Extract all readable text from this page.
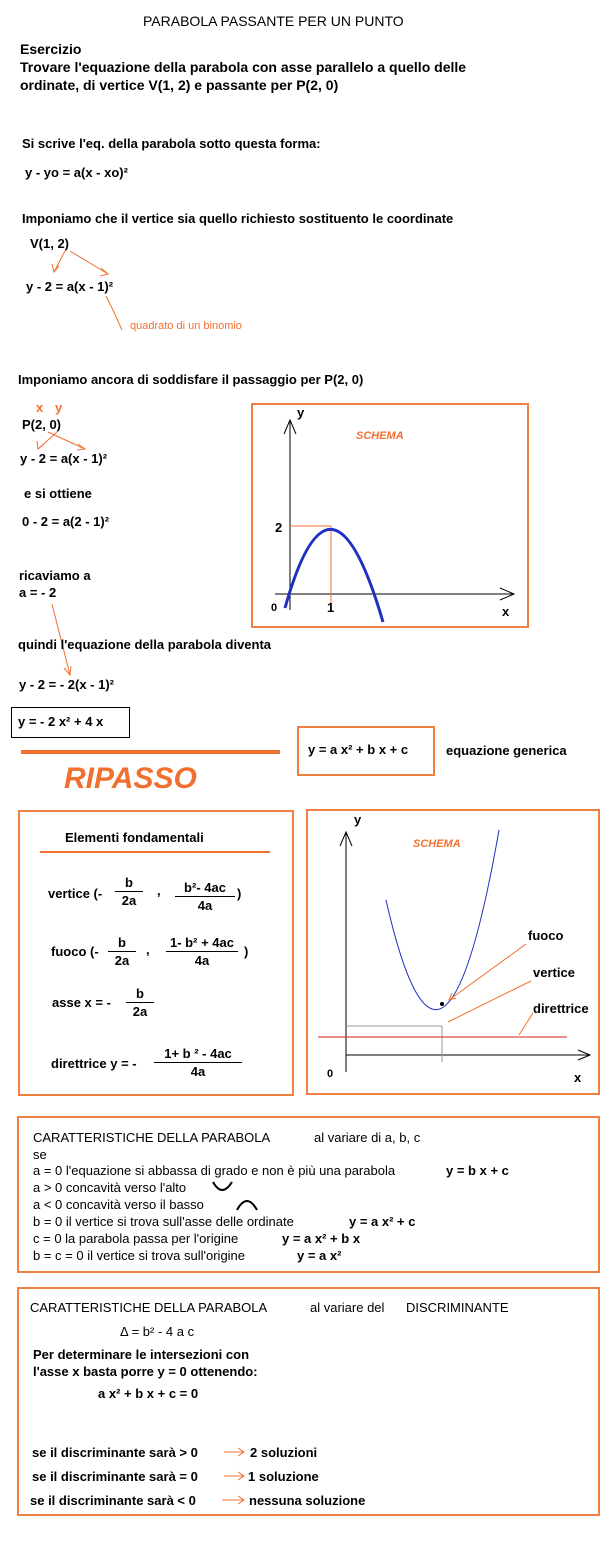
PARABOLA PASSANTE PER UN PUNTO
Esercizio
Trovare l'equazione della parabola con asse parallelo a quello delle
ordinate, di vertice V(1, 2) e passante per P(2, 0)
Si scrive l'eq. della parabola sotto questa forma:
y - yo = a(x - xo)²
Imponiamo che il vertice sia quello richiesto sostituento le coordinate
V(1, 2)
y - 2 = a(x - 1)²
quadrato di un binomio
Imponiamo ancora di soddisfare il passaggio per P(2, 0)
x y
P(2, 0)
y - 2 = a(x - 1)²
e si ottiene
0 - 2 = a(2 - 1)²
ricaviamo a
a = - 2
quindi l'equazione della parabola diventa
y - 2 = - 2(x - 1)²
y = - 2 x² + 4 x
SCHEMA
y
x
0
2
1
y = a x² + b x + c	equazione generica
RIPASSO
Elementi fondamentali
vertice (-
b
2a
,	b²- 4ac
4a
)
fuoco (-
b
2a
,	1- b² + 4ac
4a
)
asse x = -
b
2a
direttrice y = -
1+ b ² - 4ac
4a
SCHEMA
y
x
0
fuoco
vertice
direttrice
CARATTERISTICHE DELLA PARABOLA	al variare di a, b, c
se
a = 0 l'equazione si abbassa di grado e non è più una parabola	y = b x + c
a > 0 concavità verso l'alto
a < 0 concavità verso il basso
b = 0 il vertice si trova sull'asse delle ordinate	y = a x² + c
c = 0 la parabola passa per l'origine	y = a x² + b x
b = c = 0 il vertice si trova sull'origine	y = a x²
CARATTERISTICHE DELLA PARABOLA	al variare del DISCRIMINANTE
Δ = b² - 4 a c
Per determinare le intersezioni con
l'asse x basta porre y = 0 ottenendo:
a x² + b x + c = 0
se il discriminante sarà > 0	2 soluzioni
se il discriminante sarà = 0	1 soluzione
se il discriminante sarà < 0	nessuna soluzione
